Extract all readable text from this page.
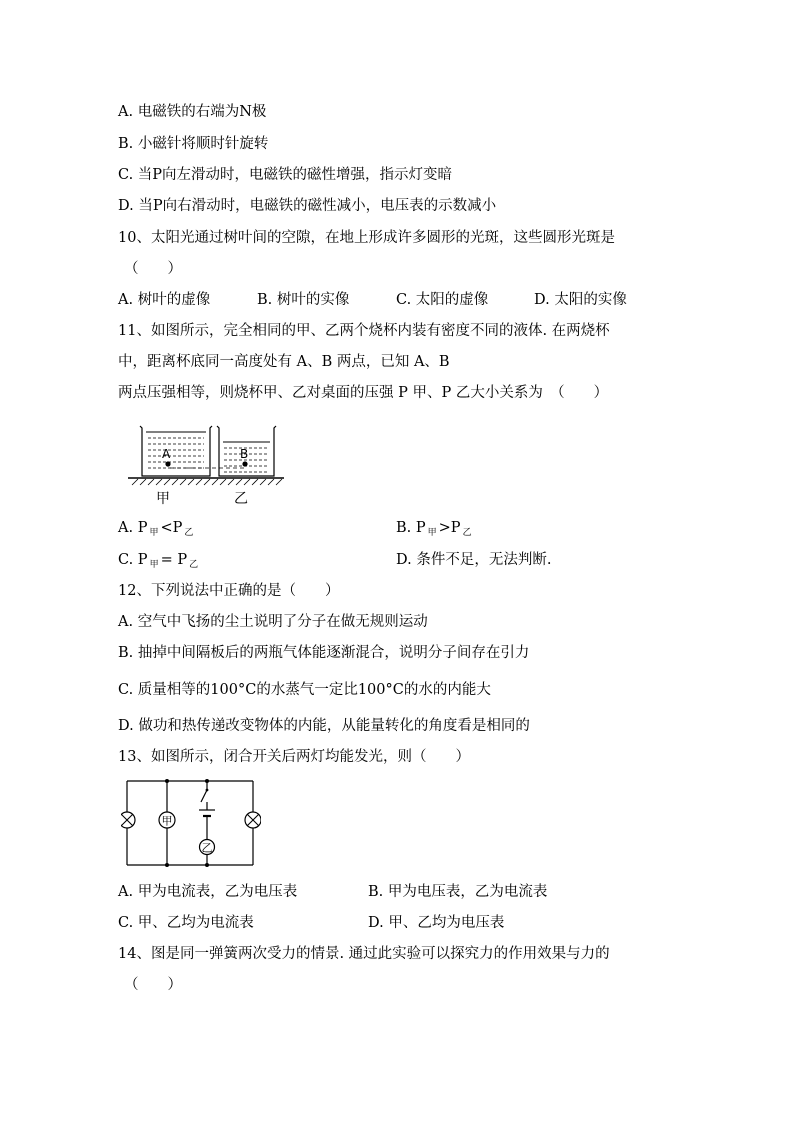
A. 电磁铁的右端为N极
B. 小磁针将顺时针旋转
C. 当P向左滑动时，电磁铁的磁性增强，指示灯变暗
D. 当P向右滑动时，电磁铁的磁性减小，电压表的示数减小
10、太阳光通过树叶间的空隙，在地上形成许多圆形的光斑，这些圆形光斑是
（　　）
A. 树叶的虚像	B. 树叶的实像	C. 太阳的虚像	D. 太阳的实像
11、如图所示，完全相同的甲、乙两个烧杯内装有密度不同的液体. 在两烧杯
中，距离杯底同一高度处有 A、B 两点，已知 A、B
两点压强相等，则烧杯甲、乙对桌面的压强 P 甲、P 乙大小关系为　（　　）
A	B
甲	乙
A. P $_甲$ <P $_乙$	B. P $_甲$ >P $_乙$
C. P $_甲$ = P $_乙$	D. 条件不足，无法判断.
12、下列说法中正确的是（　　）
A. 空气中飞扬的尘土说明了分子在做无规则运动
B. 抽掉中间隔板后的两瓶气体能逐渐混合，说明分子间存在引力
C. 质量相等的100°C的水蒸气一定比100°C的水的内能大
D. 做功和热传递改变物体的内能，从能量转化的角度看是相同的
13、如图所示，闭合开关后两灯均能发光，则（　　）
甲
乙
A. 甲为电流表，乙为电压表	B. 甲为电压表，乙为电流表
C. 甲、乙均为电流表	D. 甲、乙均为电压表
14、图是同一弹簧两次受力的情景. 通过此实验可以探究力的作用效果与力的
（　　）
